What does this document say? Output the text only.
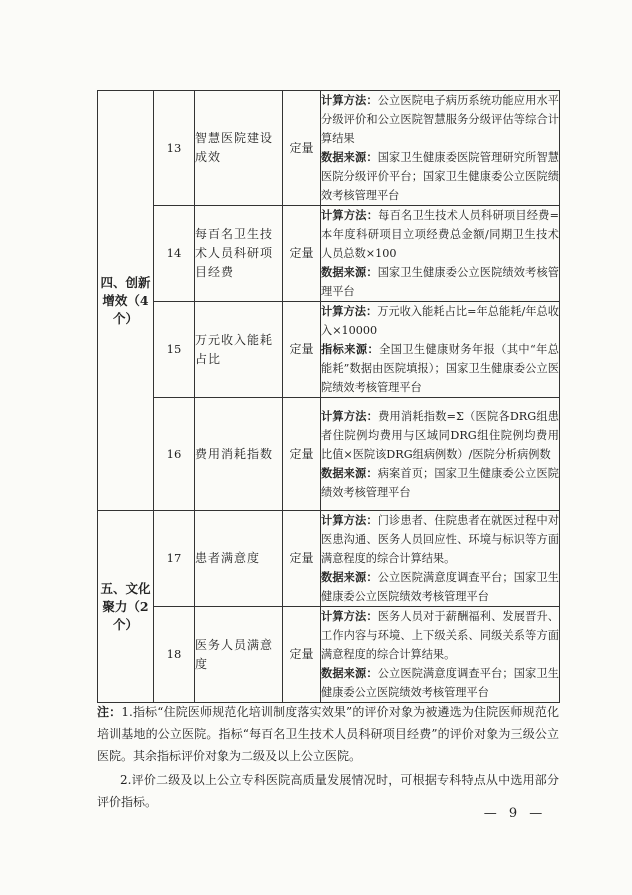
四、创新增效（4个）	13	智慧医院建设成效	定量	计算方法：公立医院电子病历系统功能应用水平分级评价和公立医院智慧服务分级评估等综合计算结果
数据来源：国家卫生健康委医院管理研究所智慧医院分级评价平台；国家卫生健康委公立医院绩效考核管理平台
	14	每百名卫生技术人员科研项目经费	定量	计算方法：每百名卫生技术人员科研项目经费=本年度科研项目立项经费总金额/同期卫生技术人员总数×100
数据来源：国家卫生健康委公立医院绩效考核管理平台
	15	万元收入能耗占比	定量	计算方法：万元收入能耗占比=年总能耗/年总收入×10000
指标来源：全国卫生健康财务年报（其中“年总能耗”数据由医院填报）；国家卫生健康委公立医院绩效考核管理平台
	16	费用消耗指数	定量	计算方法：费用消耗指数=Σ（医院各DRG组患者住院例均费用与区域同DRG组住院例均费用比值×医院该DRG组病例数）/医院分析病例数
数据来源：病案首页；国家卫生健康委公立医院绩效考核管理平台
五、文化聚力（2个）	17	患者满意度	定量	计算方法：门诊患者、住院患者在就医过程中对医患沟通、医务人员回应性、环境与标识等方面满意程度的综合计算结果。
数据来源：公立医院满意度调查平台；国家卫生健康委公立医院绩效考核管理平台
	18	医务人员满意度	定量	计算方法：医务人员对于薪酬福利、发展晋升、工作内容与环境、上下级关系、同级关系等方面满意程度的综合计算结果。
数据来源：公立医院满意度调查平台；国家卫生健康委公立医院绩效考核管理平台

注：1.指标“住院医师规范化培训制度落实效果”的评价对象为被遴选为住院医师规范化培训基地的公立医院。指标“每百名卫生技术人员科研项目经费”的评价对象为三级公立医院。其余指标评价对象为二级及以上公立医院。

2.评价二级及以上公立专科医院高质量发展情况时，可根据专科特点从中选用部分评价指标。

— 9 —
